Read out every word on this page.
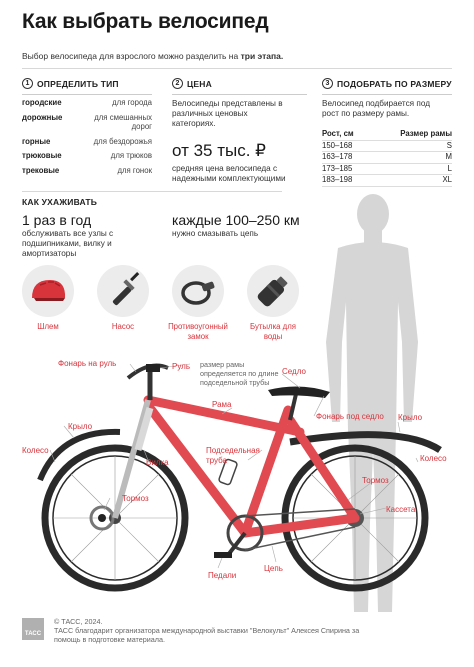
Как выбрать велосипед
Выбор велосипеда для взрослого можно разделить на три этапа.
1 ОПРЕДЕЛИТЬ ТИП
городские	для города
дорожные	для смешанных дорог
горные	для бездорожья
трюковые	для трюков
трековые	для гонок
2 ЦЕНА
Велосипеды представлены в различных ценовых категориях.
от 35 тыс. ₽
средняя цена велосипеда с надежными комплектующими
3 ПОДОБРАТЬ ПО РАЗМЕРУ
Велосипед подбирается под рост по размеру рамы.
Рост, см	Размер рамы
150–168	S
163–178	M
173–185	L
183–198	XL
КАК УХАЖИВАТЬ
1 раз в год
обслуживать все узлы с подшипниками, вилку и амортизаторы
каждые 100–250 км
нужно смазывать цепь
Шлем	Насос	Противоугонный замок
Бутылка для воды
Фонарь на руль	Руль размер рамы определяется по длине подседельной трубы
Седло
Рама
Фонарь под седло
Крыло
Крыло
Колесо
Колесо
Подседельная труба
Вилка
Тормоз
Тормоз
Кассета
Педали
Цепь
ТАСС
© ТАСС, 2024.
ТАСС благодарит организатора международной выставки "Велокульт" Алексея Спирина за помощь в подготовке материала.
